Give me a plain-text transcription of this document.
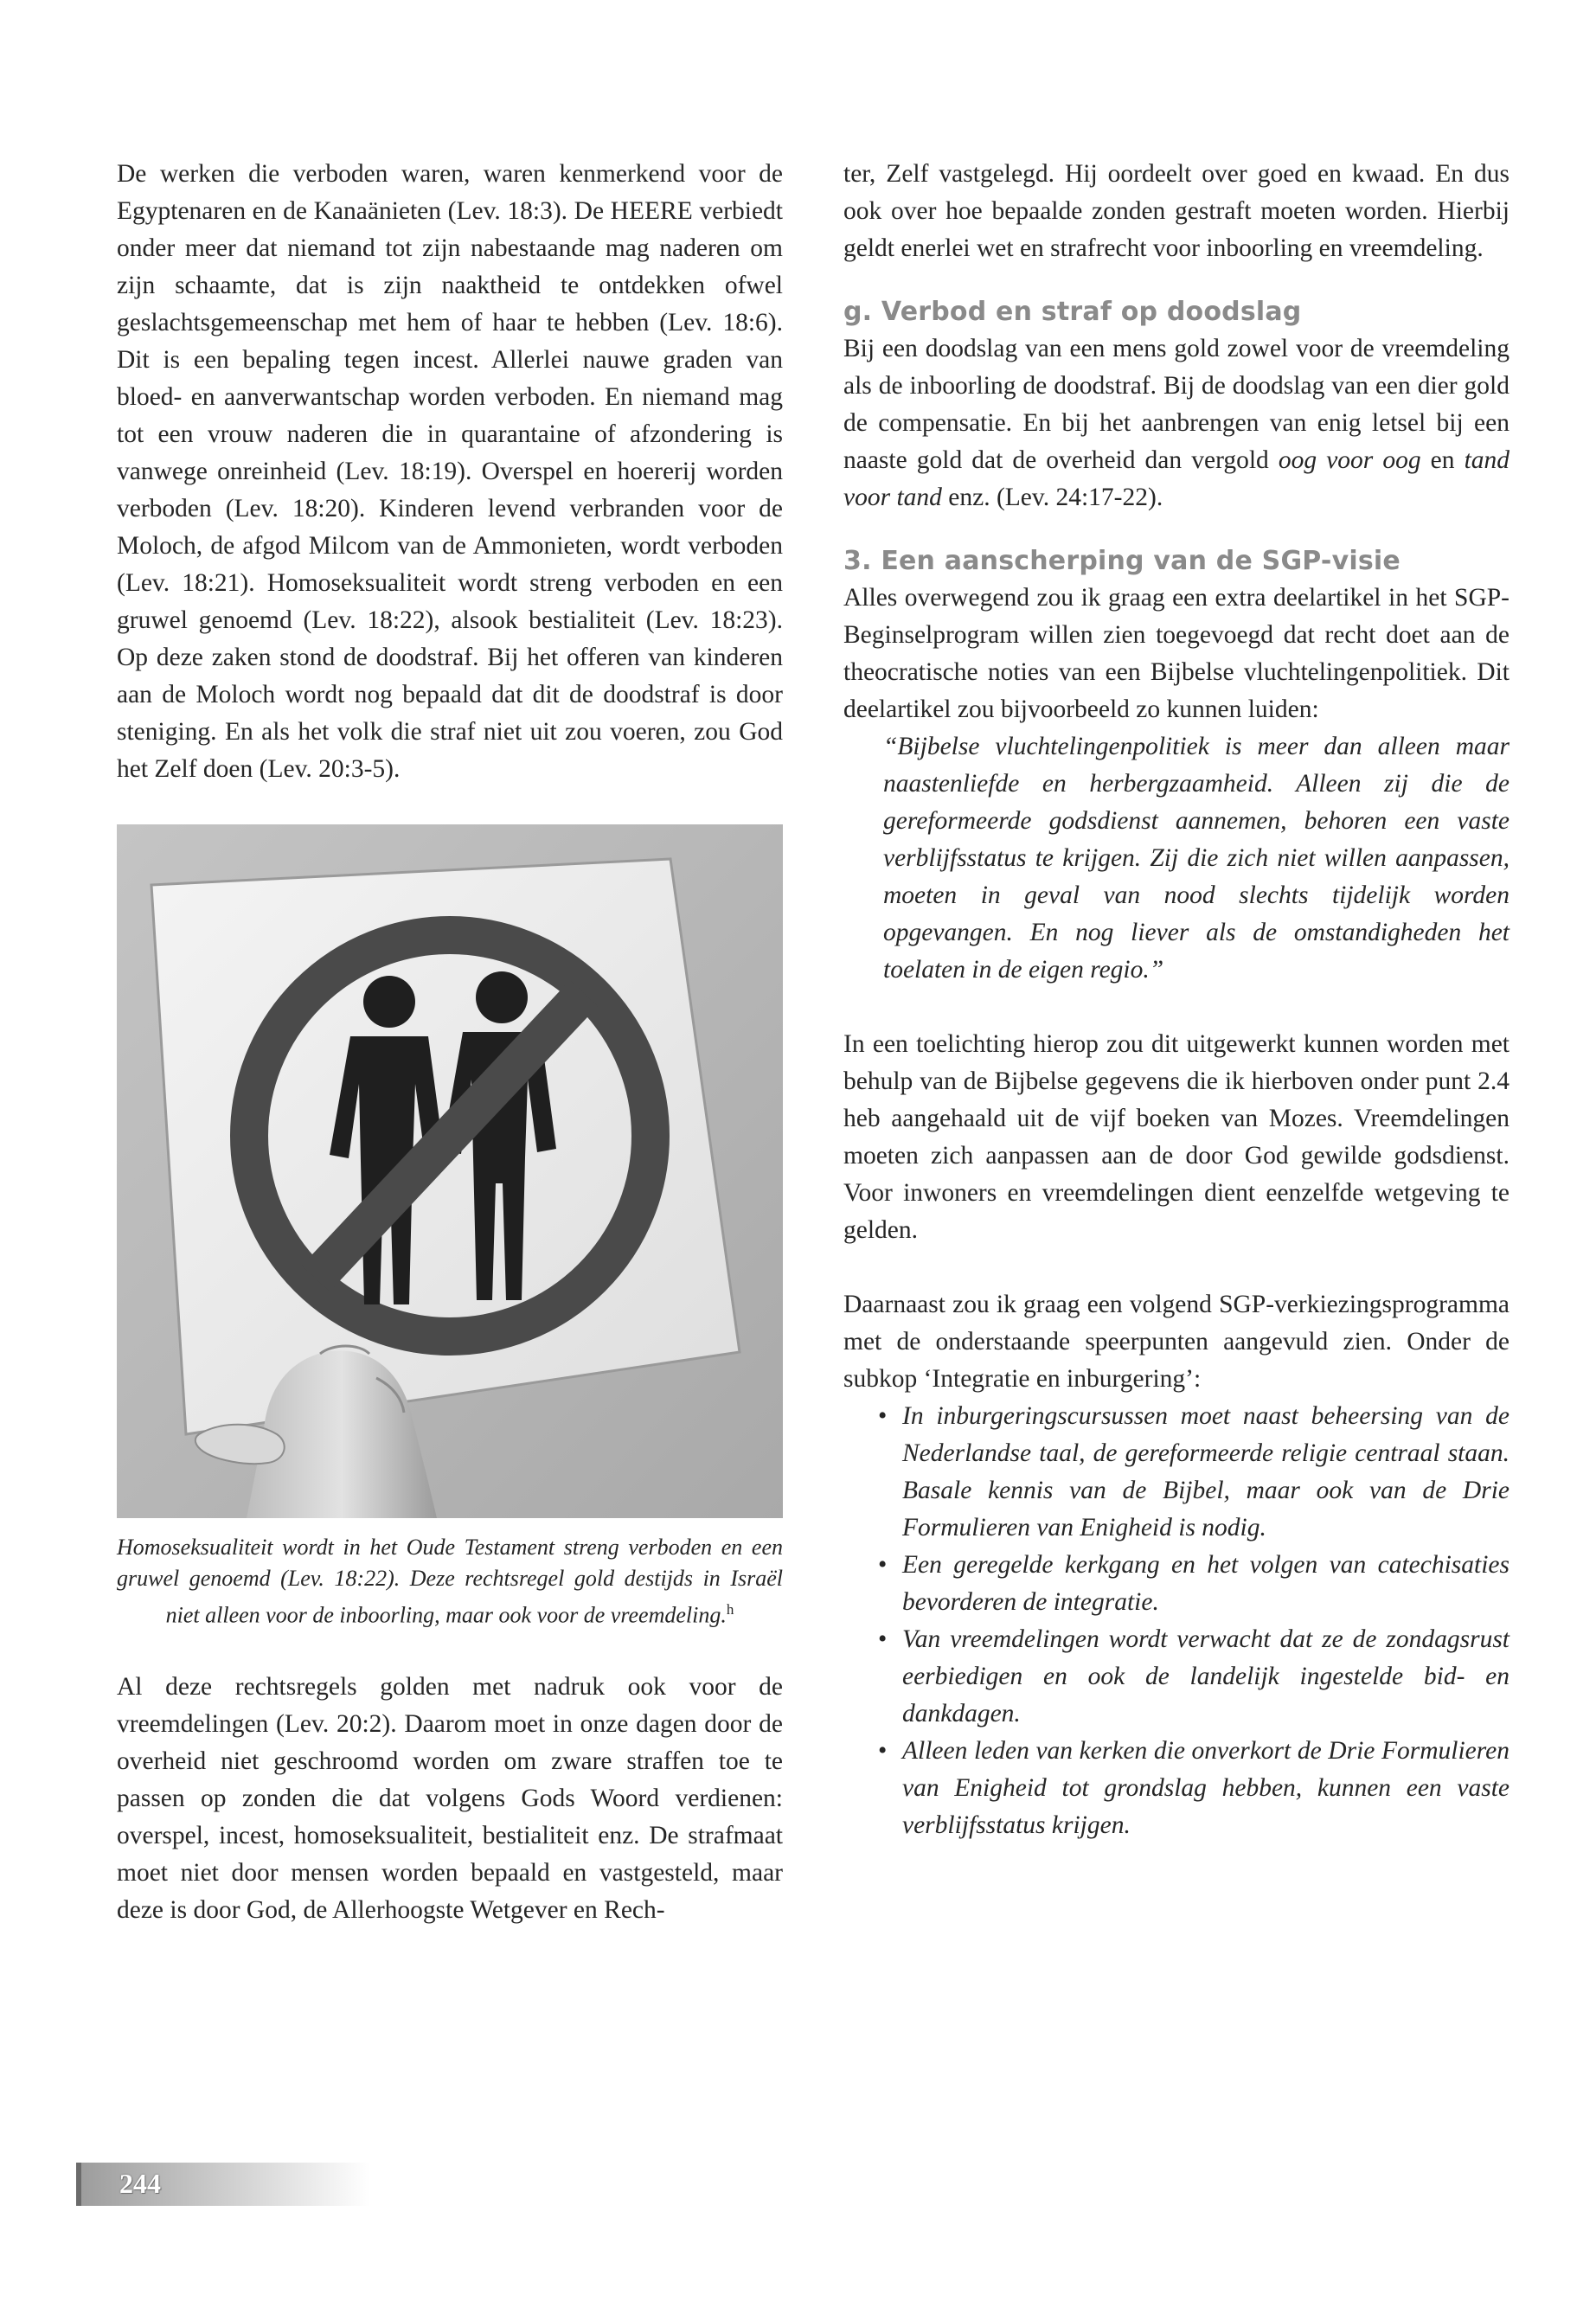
De werken die verboden waren, waren kenmerkend voor de Egyptenaren en de Kanaänieten (Lev. 18:3). De HEERE verbiedt onder meer dat niemand tot zijn nabestaande mag naderen om zijn schaamte, dat is zijn naaktheid te ontdekken ofwel geslachtsgemeenschap met hem of haar te hebben (Lev. 18:6). Dit is een bepaling tegen incest. Allerlei nauwe graden van bloed- en aanverwantschap worden verboden. En niemand mag tot een vrouw naderen die in quarantaine of afzondering is vanwege onreinheid (Lev. 18:19). Overspel en hoererij worden verboden (Lev. 18:20). Kinderen levend verbranden voor de Moloch, de afgod Milcom van de Ammonieten, wordt verboden (Lev. 18:21). Homoseksualiteit wordt streng verboden en een gruwel genoemd (Lev. 18:22), alsook bestialiteit (Lev. 18:23). Op deze zaken stond de doodstraf. Bij het offeren van kinderen aan de Moloch wordt nog bepaald dat dit de doodstraf is door steniging. En als het volk die straf niet uit zou voeren, zou God het Zelf doen (Lev. 20:3-5).

Homoseksualiteit wordt in het Oude Testament streng verboden en een gruwel genoemd (Lev. 18:22). Deze rechtsregel gold destijds in Israël niet alleen voor de inboorling, maar ook voor de vreemdeling.$^h$

Al deze rechtsregels golden met nadruk ook voor de vreemdelingen (Lev. 20:2). Daarom moet in onze dagen door de overheid niet geschroomd worden om zware straffen toe te passen op zonden die dat volgens Gods Woord verdienen: overspel, incest, homoseksualiteit, bestialiteit enz. De strafmaat moet niet door mensen worden bepaald en vastgesteld, maar deze is door God, de Allerhoogste Wetgever en Rech-

ter, Zelf vastgelegd. Hij oordeelt over goed en kwaad. En dus ook over hoe bepaalde zonden gestraft moeten worden. Hierbij geldt enerlei wet en strafrecht voor inboorling en vreemdeling.

g. Verbod en straf op doodslag

Bij een doodslag van een mens gold zowel voor de vreemdeling als de inboorling de doodstraf. Bij de doodslag van een dier gold de compensatie. En bij het aanbrengen van enig letsel bij een naaste gold dat de overheid dan vergold oog voor oog en tand voor tand enz. (Lev. 24:17-22).

3. Een aanscherping van de SGP-visie

Alles overwegend zou ik graag een extra deelartikel in het SGP-Beginselprogram willen zien toegevoegd dat recht doet aan de theocratische noties van een Bijbelse vluchtelingenpolitiek. Dit deelartikel zou bijvoorbeeld zo kunnen luiden:

“Bijbelse vluchtelingenpolitiek is meer dan alleen maar naastenliefde en herbergzaamheid. Alleen zij die de gereformeerde godsdienst aannemen, behoren een vaste verblijfsstatus te krijgen. Zij die zich niet willen aanpassen, moeten in geval van nood slechts tijdelijk worden opgevangen. En nog liever als de omstandigheden het toelaten in de eigen regio.”

In een toelichting hierop zou dit uitgewerkt kunnen worden met behulp van de Bijbelse gegevens die ik hierboven onder punt 2.4 heb aangehaald uit de vijf boeken van Mozes. Vreemdelingen moeten zich aanpassen aan de door God gewilde godsdienst. Voor inwoners en vreemdelingen dient eenzelfde wetgeving te gelden.

Daarnaast zou ik graag een volgend SGP-verkiezingsprogramma met de onderstaande speerpunten aangevuld zien. Onder de subkop ‘Integratie en inburgering’:

• In inburgeringscursussen moet naast beheersing van de Nederlandse taal, de gereformeerde religie centraal staan. Basale kennis van de Bijbel, maar ook van de Drie Formulieren van Enigheid is nodig.
• Een geregelde kerkgang en het volgen van catechisaties bevorderen de integratie.
• Van vreemdelingen wordt verwacht dat ze de zondagsrust eerbiedigen en ook de landelijk ingestelde bid- en dankdagen.
• Alleen leden van kerken die onverkort de Drie Formulieren van Enigheid tot grondslag hebben, kunnen een vaste verblijfsstatus krijgen.
244
